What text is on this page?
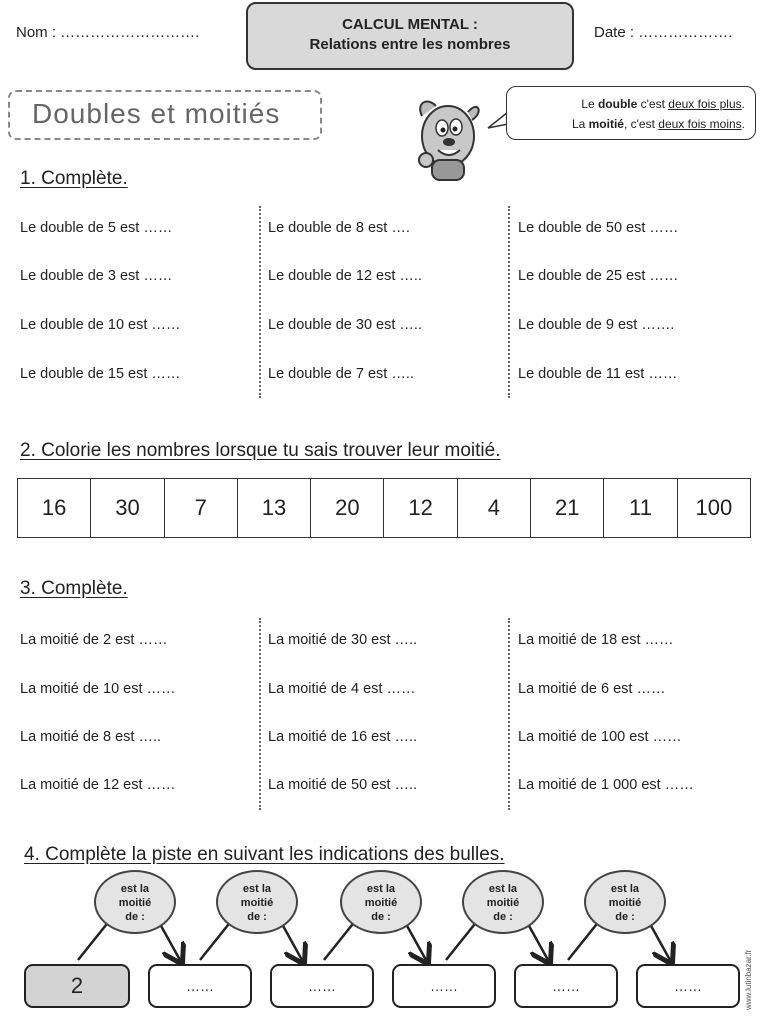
Nom : ……………………….	CALCUL MENTAL :
Relations entre les nombres
Date : ……………….
Doubles et moitiés	Le double c'est deux fois plus.
La moitié, c'est deux fois moins.
1. Complète.
Le double de 5 est ……
Le double de 3 est ……
Le double de 10 est ……
Le double de 15 est ……
Le double de 8 est ….
Le double de 12 est …..
Le double de 30 est …..
Le double de 7 est …..
Le double de 50 est ……
Le double de 25 est ……
Le double de 9 est …….
Le double de 11 est ……
2. Colorie les nombres lorsque tu sais trouver leur moitié.
16	30	7	13	20	12	4	21	11	100
3. Complète.
La moitié de 2 est ……
La moitié de 10 est ……
La moitié de 8 est …..
La moitié de 12 est ……
La moitié de 30 est …..
La moitié de 4 est ……
La moitié de 16 est …..
La moitié de 50 est …..
La moitié de 18 est ……
La moitié de 6 est ……
La moitié de 100 est ……
La moitié de 1 000 est ……
4. Complète la piste en suivant les indications des bulles.
est la
moitié
de :
est la
moitié
de :
est la
moitié
de :
est la
moitié
de :
est la
moitié
de :
2	……	……	……	……	……	www.lutinbazar.fr
